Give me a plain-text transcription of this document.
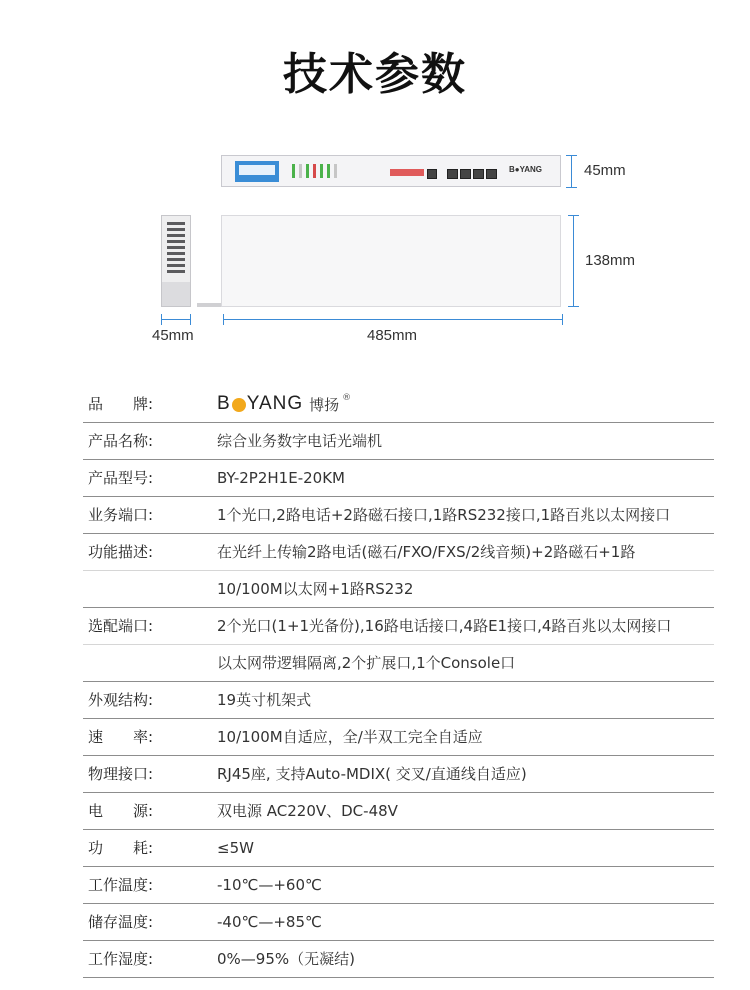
技术参数
B●YANG	45mm
138mm
45mm	485mm
品　　牌:	B YANG 博扬 ®
产品名称:	综合业务数字电话光端机
产品型号:	BY-2P2H1E-20KM
业务端口:	1个光口,2路电话+2路磁石接口,1路RS232接口,1路百兆以太网接口
功能描述:	在光纤上传输2路电话(磁石/FXO/FXS/2线音频)+2路磁石+1路
10/100M以太网+1路RS232
选配端口:	2个光口(1+1光备份),16路电话接口,4路E1接口,4路百兆以太网接口
以太网带逻辑隔离,2个扩展口,1个Console口
外观结构:	19英寸机架式
速　　率:	10/100M自适应，全/半双工完全自适应
物理接口:	RJ45座, 支持Auto-MDIX( 交叉/直通线自适应)
电　　源:	双电源 AC220V、DC-48V
功　　耗:	≤5W
工作温度:	-10℃—+60℃
储存温度:	-40℃—+85℃
工作湿度:	0%—95%（无凝结)
